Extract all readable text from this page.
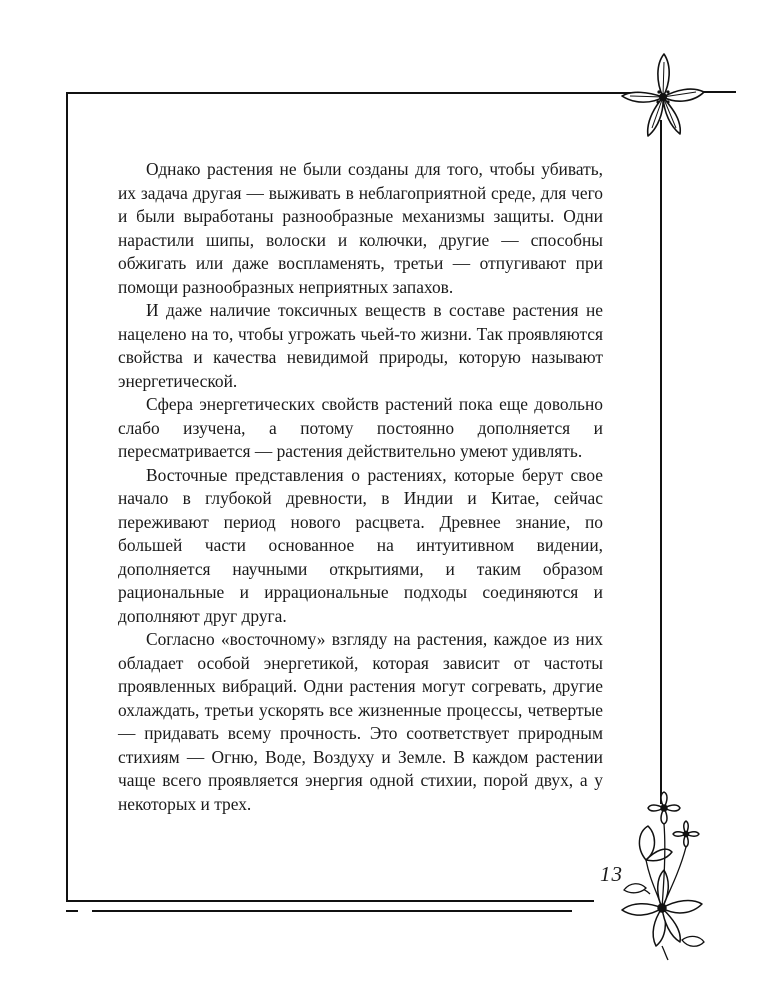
Однако растения не были созданы для того, чтобы убивать, их задача другая — выживать в неблагоприятной среде, для чего и были выработаны разнообразные механизмы защиты. Одни нарастили шипы, волоски и колючки, другие — способны обжигать или даже воспламенять, третьи — отпугивают при помощи разнообразных неприятных запахов.

И даже наличие токсичных веществ в составе растения не нацелено на то, чтобы угрожать чьей-то жизни. Так проявляются свойства и качества невидимой природы, которую называют энергетической.

Сфера энергетических свойств растений пока еще довольно слабо изучена, а потому постоянно дополняется и пересматривается — растения действительно умеют удивлять.

Восточные представления о растениях, которые берут свое начало в глубокой древности, в Индии и Китае, сейчас переживают период нового расцвета. Древнее знание, по большей части основанное на интуитивном видении, дополняется научными открытиями, и таким образом рациональные и иррациональные подходы соединяются и дополняют друг друга.

Согласно «восточному» взгляду на растения, каждое из них обладает особой энергетикой, которая зависит от частоты проявленных вибраций. Одни растения могут согревать, другие охлаждать, третьи ускорять все жизненные процессы, четвертые — придавать всему прочность. Это соответствует природным стихиям — Огню, Воде, Воздуху и Земле. В каждом растении чаще всего проявляется энергия одной стихии, порой двух, а у некоторых и трех.

13
